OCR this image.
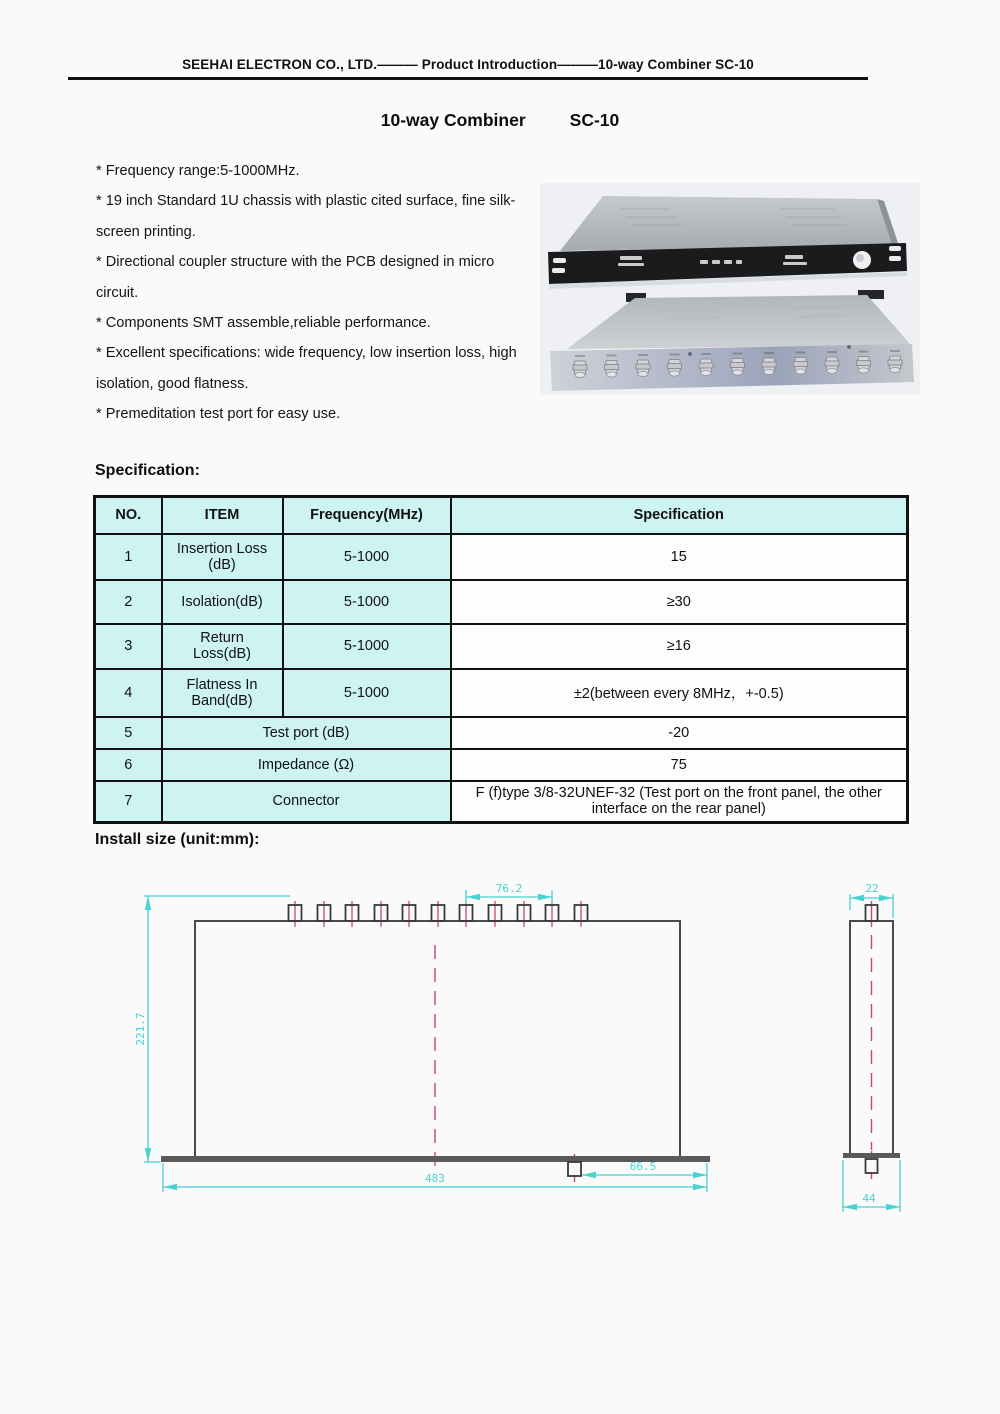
SEEHAI ELECTRON CO., LTD.——— Product Introduction———10-way Combiner SC-10
10-way Combiner	SC-10
* Frequency range:5-1000MHz.
* 19 inch Standard 1U chassis with plastic cited surface, fine silk-screen printing.
* Directional coupler structure with the PCB designed in micro circuit.
* Components SMT assemble,reliable performance.
* Excellent specifications: wide frequency, low insertion loss, high isolation, good flatness.
* Premeditation test port for easy use.
Specification:
NO.	ITEM	Frequency(MHz)	Specification
1	Insertion Loss (dB)	5-1000	15
2	Isolation(dB)	5-1000	≥30
3	Return Loss(dB)	5-1000	≥16
4	Flatness In Band(dB)	5-1000	±2(between every 8MHz，+-0.5)
5	Test port (dB)		-20
6	Impedance (Ω)		75
7	Connector		F (f)type 3/8-32UNEF-32 (Test port on the front panel, the other interface on the rear panel)
Install size (unit:mm):
76.2	22
221.7
483
66.5
44
